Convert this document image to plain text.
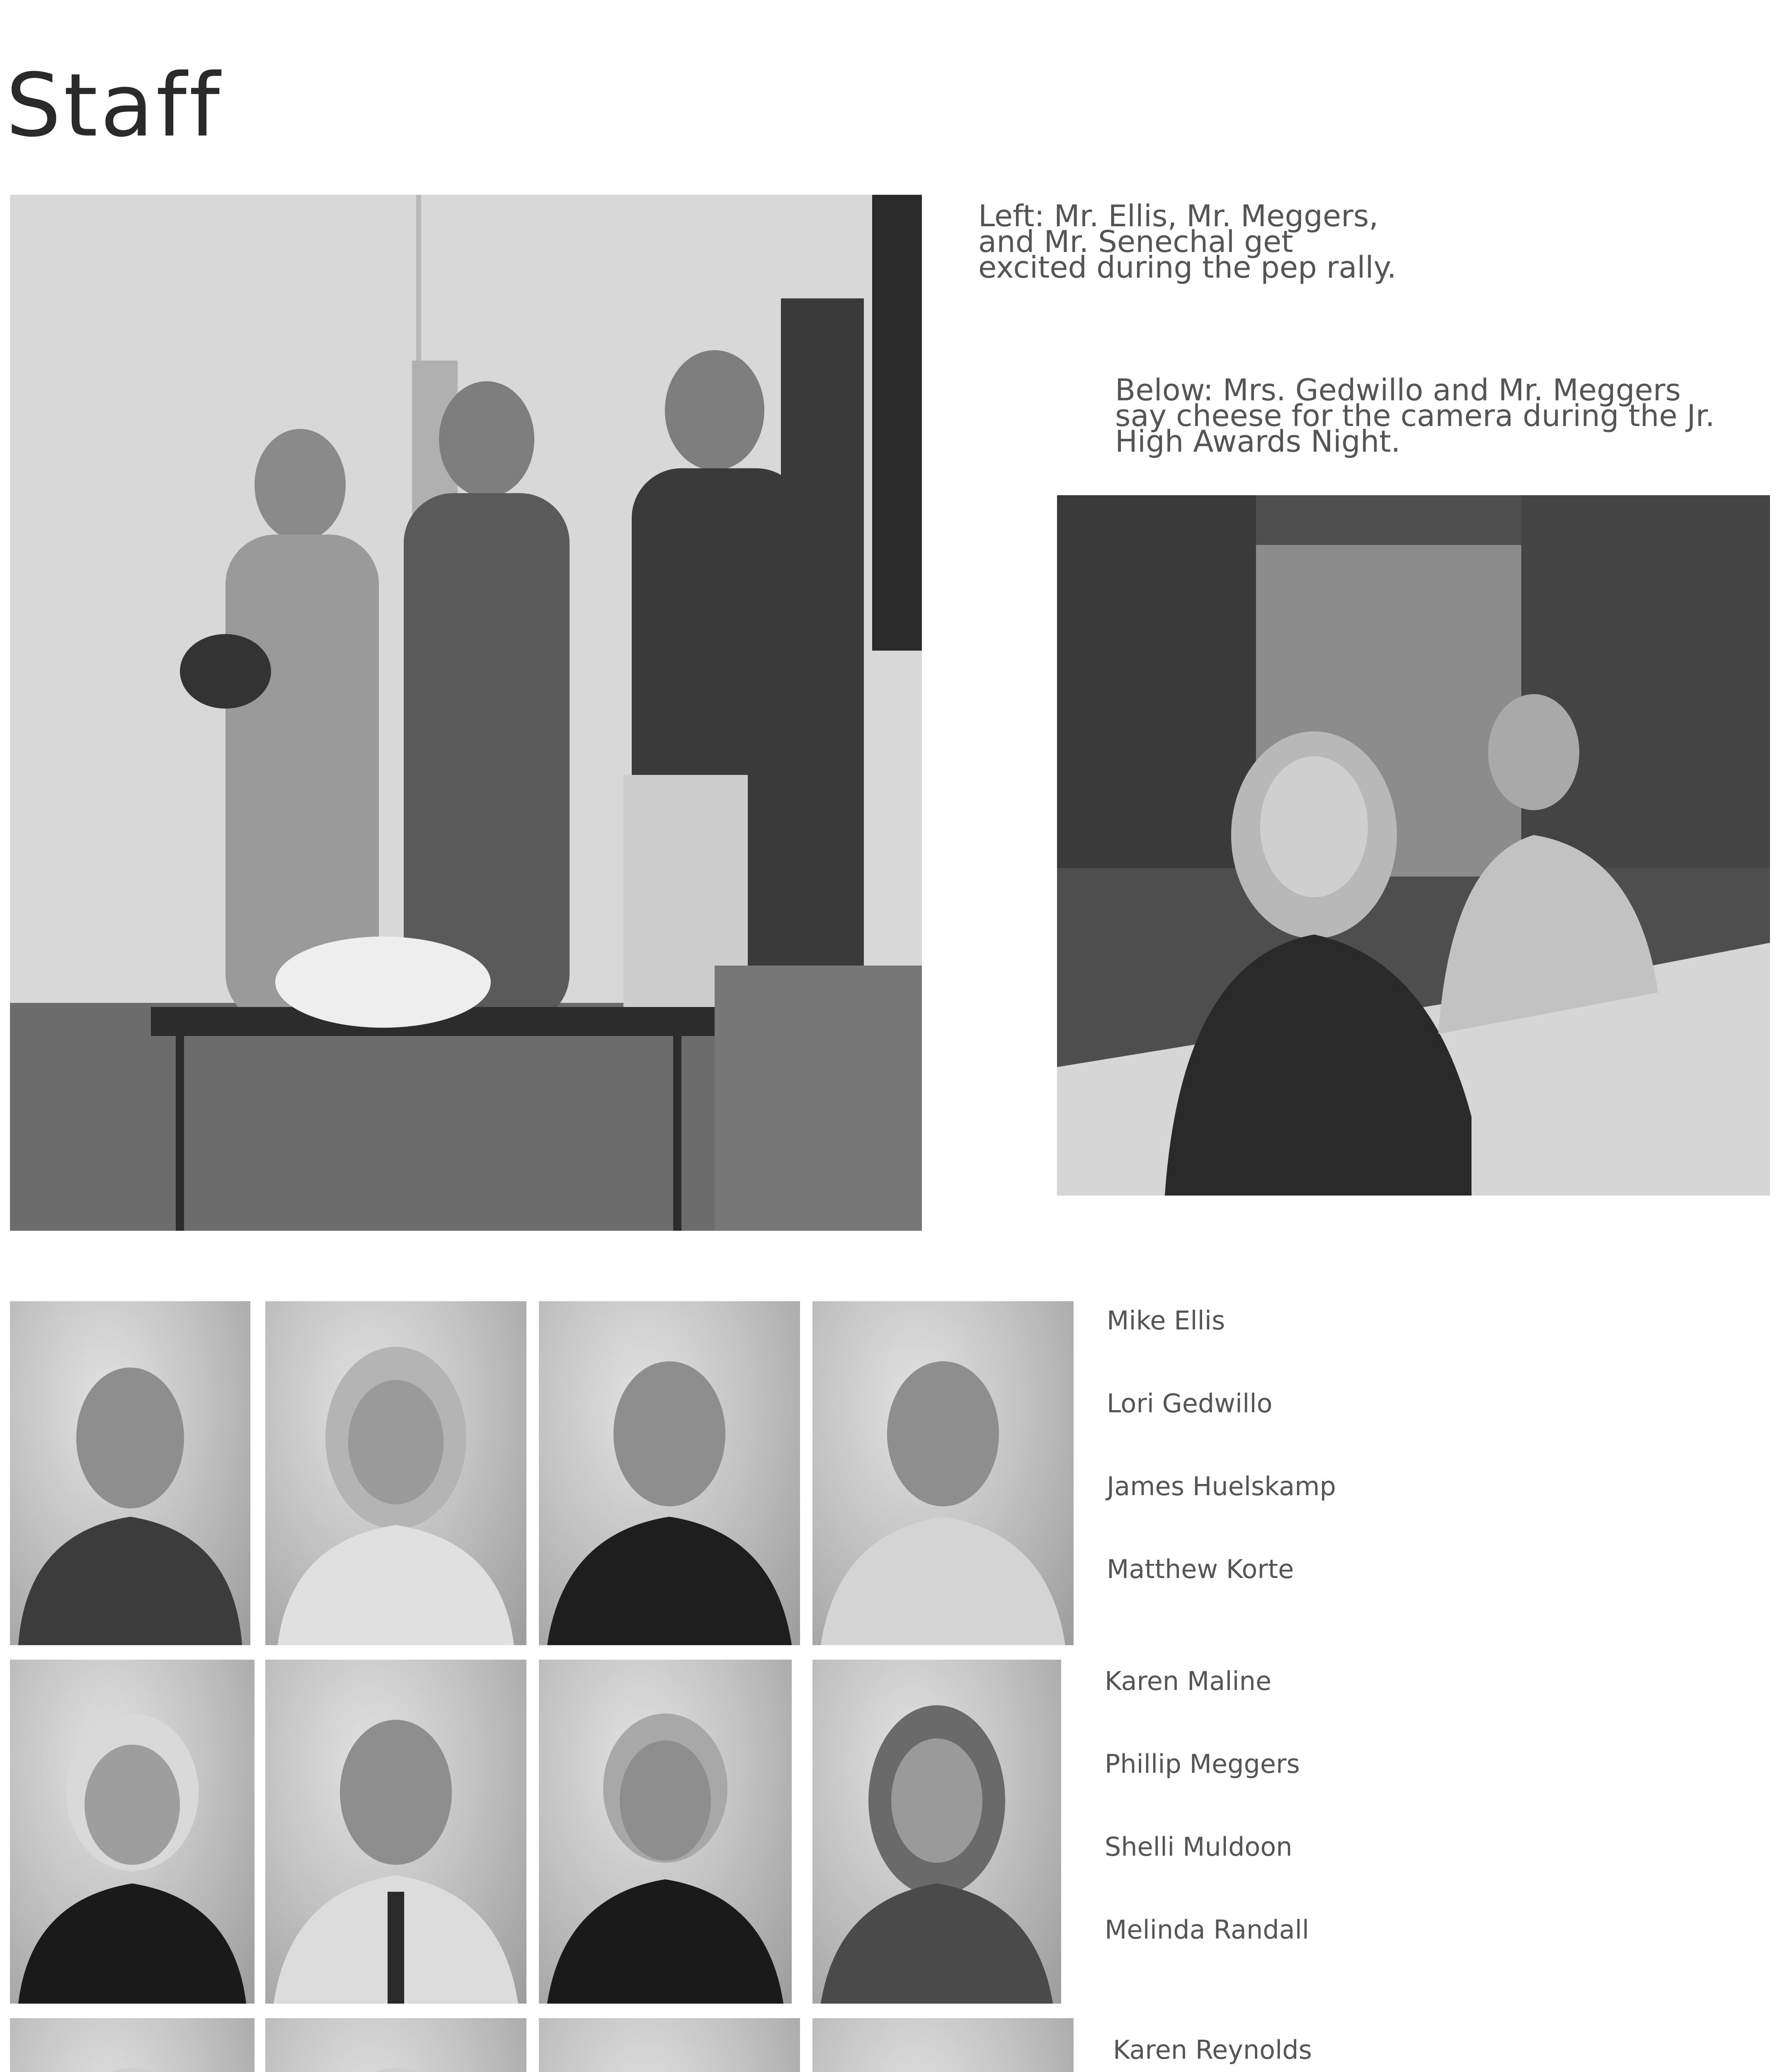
Staff
Left: Mr. Ellis, Mr. Meggers, and Mr. Senechal get excited during the pep rally.
Below: Mrs. Gedwillo and Mr. Meggers say cheese for the camera during the Jr. High Awards Night.
Mike Ellis
Lori Gedwillo
James Huelskamp
Matthew Korte
Karen Maline
Phillip Meggers
Shelli Muldoon
Melinda Randall
Karen Reynolds
